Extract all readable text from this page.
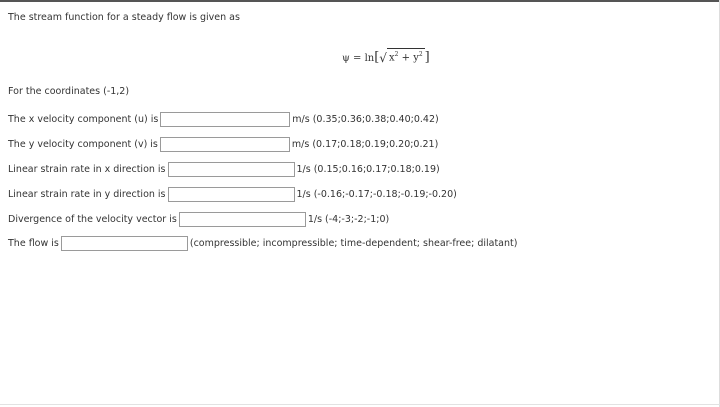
The stream function for a steady flow is given as
ψ = ln [ √ $x^2 + y^2$ ]
For the coordinates (-1,2)
The x velocity component (u) is	m/s (0.35;0.36;0.38;0.40;0.42)
The y velocity component (v) is	m/s (0.17;0.18;0.19;0.20;0.21)
Linear strain rate in x direction is	1/s (0.15;0.16;0.17;0.18;0.19)
Linear strain rate in y direction is	1/s (-0.16;-0.17;-0.18;-0.19;-0.20)
Divergence of the velocity vector is	1/s (-4;-3;-2;-1;0)
The flow is	(compressible; incompressible; time-dependent; shear-free; dilatant)
